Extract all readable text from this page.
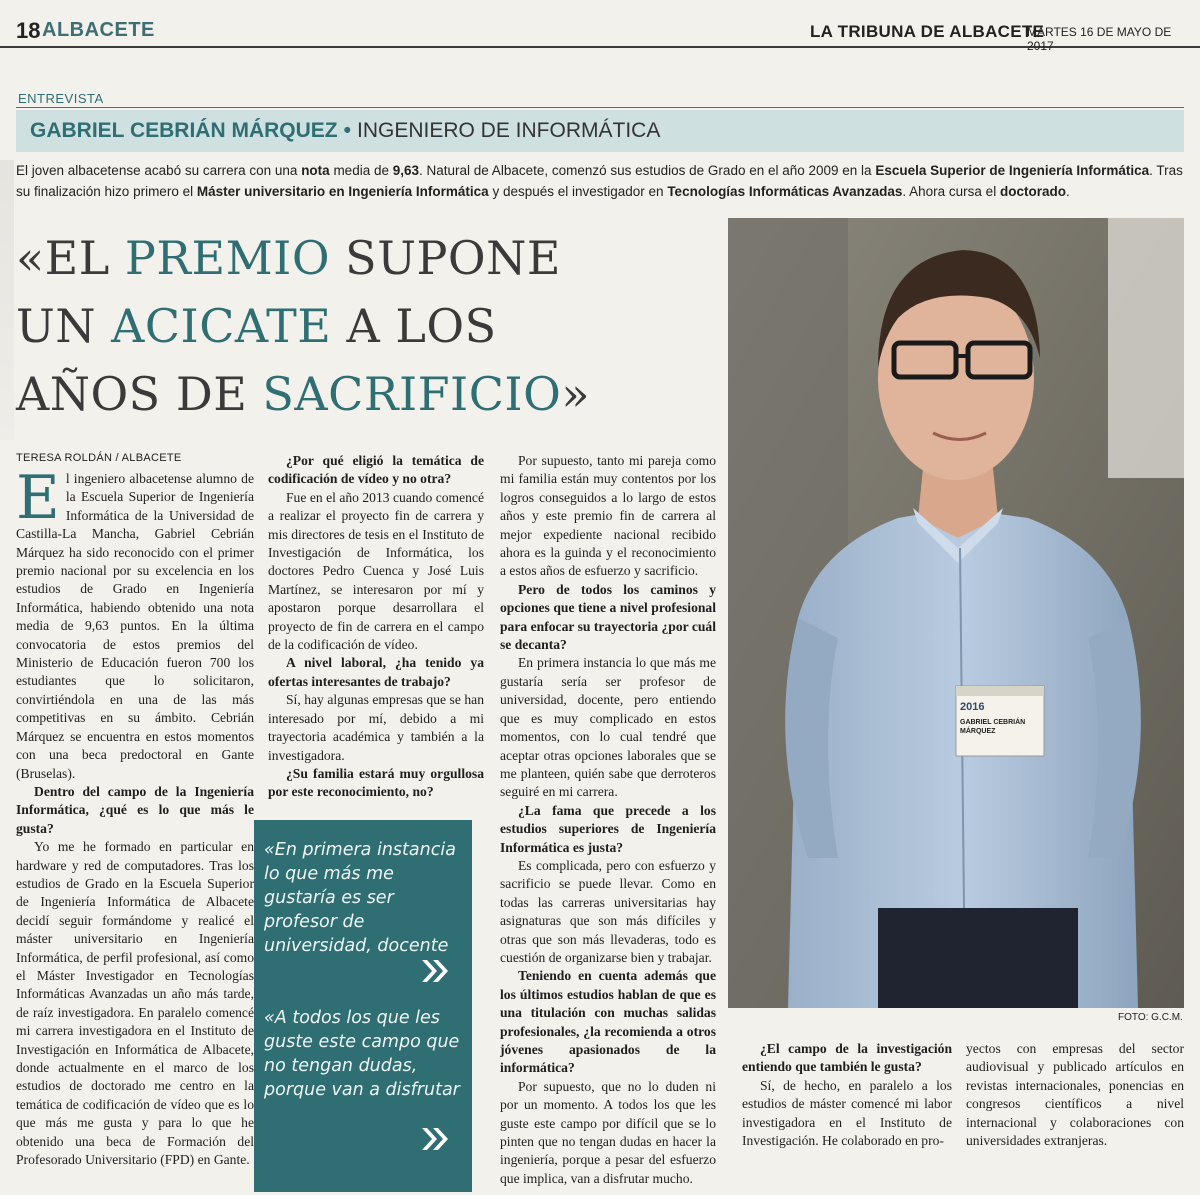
18 ALBACETE	LA TRIBUNA DE ALBACETE
MARTES 16 DE MAYO DE 2017
ENTREVISTA
GABRIEL CEBRIÁN MÁRQUEZ • INGENIERO DE INFORMÁTICA
El joven albacetense acabó su carrera con una nota media de 9,63. Natural de Albacete, comenzó sus estudios de Grado en el año 2009 en la Escuela Superior de Ingeniería Informática. Tras su finalización hizo primero el Máster universitario en Ingeniería Informática y después el investigador en Tecnologías Informáticas Avanzadas. Ahora cursa el doctorado.
«EL PREMIO SUPONE
UN ACICATE A LOS
AÑOS DE SACRIFICIO»
TERESA ROLDÁN / ALBACETE

El ingeniero albacetense alumno de la Escuela Superior de Ingeniería Informática de la Universidad de Castilla-La Mancha, Gabriel Cebrián Márquez ha sido reconocido con el primer premio nacional por su excelencia en los estudios de Grado en Ingeniería Informática, habiendo obtenido una nota media de 9,63 puntos. En la última convocatoria de estos premios del Ministerio de Educación fueron 700 los estudiantes que lo solicitaron, convirtiéndola en una de las más competitivas en su ámbito. Cebrián Márquez se encuentra en estos momentos con una beca predoctoral en Gante (Bruselas).

Dentro del campo de la Ingeniería Informática, ¿qué es lo que más le gusta?

Yo me he formado en particular en hardware y red de computadores. Tras los estudios de Grado en la Escuela Superior de Ingeniería Informática de Albacete decidí seguir formándome y realicé el máster universitario en Ingeniería Informática, de perfil profesional, así como el Máster Investigador en Tecnologías Informáticas Avanzadas un año más tarde, de raíz investigadora. En paralelo comencé mi carrera investigadora en el Instituto de Investigación en Informática de Albacete, donde actualmente en el marco de los estudios de doctorado me centro en la temática de codificación de vídeo que es lo que más me gusta y para lo que he obtenido una beca de Formación del Profesorado Universitario (FPD) en Gante.

¿Por qué eligió la temática de codificación de vídeo y no otra?

Fue en el año 2013 cuando comencé a realizar el proyecto fin de carrera y mis directores de tesis en el Instituto de Investigación de Informática, los doctores Pedro Cuenca y José Luis Martínez, se interesaron por mí y apostaron porque desarrollara el proyecto de fin de carrera en el campo de la codificación de vídeo.

A nivel laboral, ¿ha tenido ya ofertas interesantes de trabajo?

Sí, hay algunas empresas que se han interesado por mí, debido a mi trayectoria académica y también a la investigadora.

¿Su familia estará muy orgullosa por este reconocimiento, no?

«En primera instancia lo que más me gustaría es ser profesor de universidad, docente
«A todos los que les guste este campo que no tengan dudas, porque van a disfrutar

Por supuesto, tanto mi pareja como mi familia están muy contentos por los logros conseguidos a lo largo de estos años y este premio fin de carrera al mejor expediente nacional recibido ahora es la guinda y el reconocimiento a estos años de esfuerzo y sacrificio.

Pero de todos los caminos y opciones que tiene a nivel profesional para enfocar su trayectoria ¿por cuál se decanta?

En primera instancia lo que más me gustaría sería ser profesor de universidad, docente, pero entiendo que es muy complicado en estos momentos, con lo cual tendré que aceptar otras opciones laborales que se me planteen, quién sabe que derroteros seguiré en mi carrera.

¿La fama que precede a los estudios superiores de Ingeniería Informática es justa?

Es complicada, pero con esfuerzo y sacrificio se puede llevar. Como en todas las carreras universitarias hay asignaturas que son más difíciles y otras que son más llevaderas, todo es cuestión de organizarse bien y trabajar.

Teniendo en cuenta además que los últimos estudios hablan de que es una titulación con muchas salidas profesionales, ¿la recomienda a otros jóvenes apasionados de la informática?

Por supuesto, que no lo duden ni por un momento. A todos los que les guste este campo por difícil que se lo pinten que no tengan dudas en hacer la ingeniería, porque a pesar del esfuerzo que implica, van a disfrutar mucho.

2016
GABRIEL CEBRIÁN MÁRQUEZ
FOTO: G.C.M.

¿El campo de la investigación entiendo que también le gusta?

Sí, de hecho, en paralelo a los estudios de máster comencé mi labor investigadora en el Instituto de Investigación. He colaborado en pro-

yectos con empresas del sector audiovisual y publicado artículos en revistas internacionales, ponencias en congresos científicos a nivel internacional y colaboraciones con universidades extranjeras.
